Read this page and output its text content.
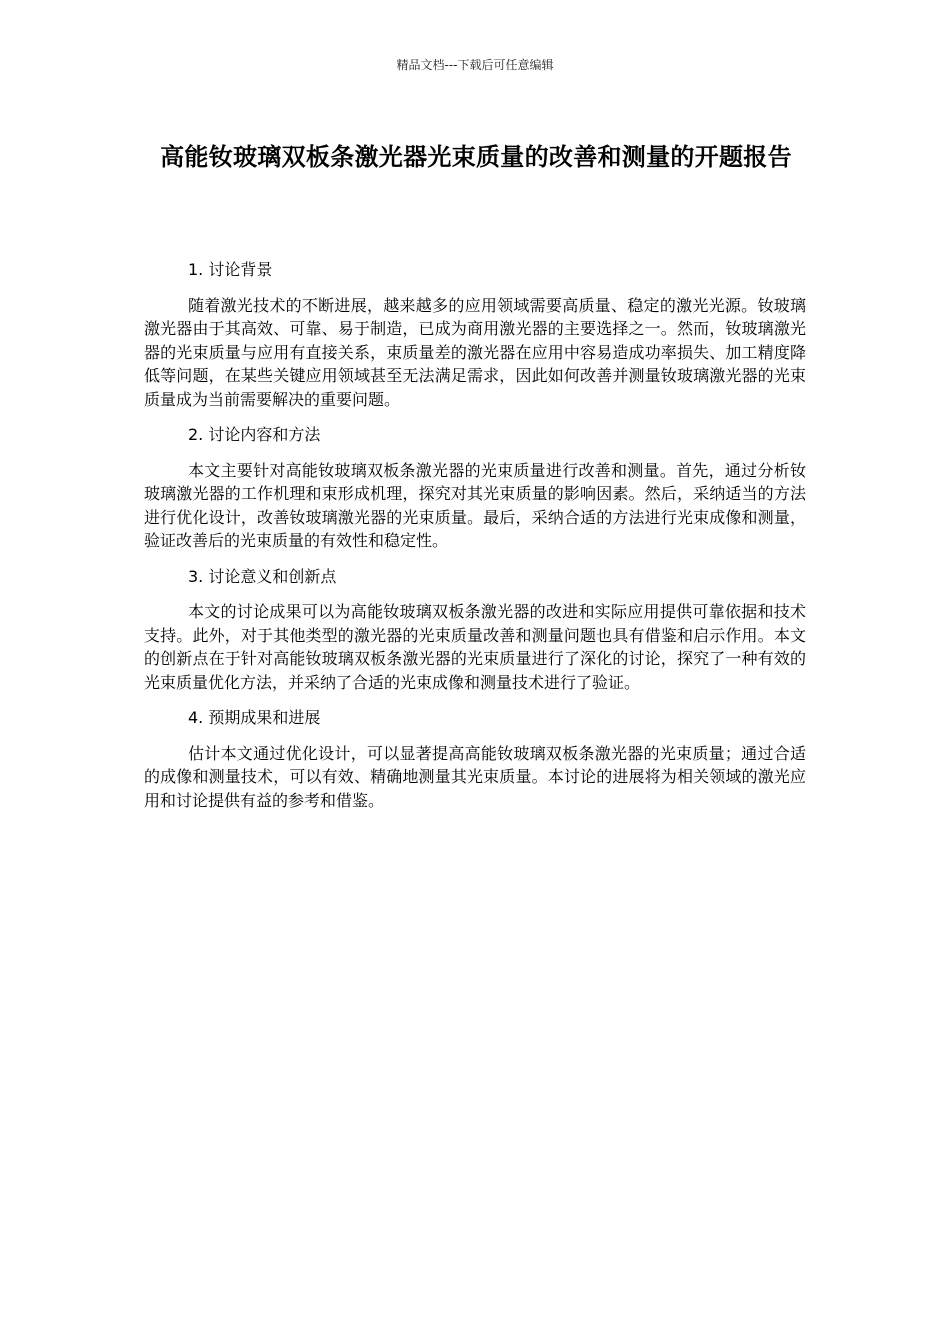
精品文档---下载后可任意编辑
高能钕玻璃双板条激光器光束质量的改善和测量的开题报告

1. 讨论背景

随着激光技术的不断进展，越来越多的应用领域需要高质量、稳定的激光光源。钕玻璃激光器由于其高效、可靠、易于制造，已成为商用激光器的主要选择之一。然而，钕玻璃激光器的光束质量与应用有直接关系，束质量差的激光器在应用中容易造成功率损失、加工精度降低等问题，在某些关键应用领域甚至无法满足需求，因此如何改善并测量钕玻璃激光器的光束质量成为当前需要解决的重要问题。

2. 讨论内容和方法

本文主要针对高能钕玻璃双板条激光器的光束质量进行改善和测量。首先，通过分析钕玻璃激光器的工作机理和束形成机理，探究对其光束质量的影响因素。然后，采纳适当的方法进行优化设计，改善钕玻璃激光器的光束质量。最后，采纳合适的方法进行光束成像和测量，验证改善后的光束质量的有效性和稳定性。

3. 讨论意义和创新点

本文的讨论成果可以为高能钕玻璃双板条激光器的改进和实际应用提供可靠依据和技术支持。此外，对于其他类型的激光器的光束质量改善和测量问题也具有借鉴和启示作用。本文的创新点在于针对高能钕玻璃双板条激光器的光束质量进行了深化的讨论，探究了一种有效的光束质量优化方法，并采纳了合适的光束成像和测量技术进行了验证。

4. 预期成果和进展

估计本文通过优化设计，可以显著提高高能钕玻璃双板条激光器的光束质量；通过合适的成像和测量技术，可以有效、精确地测量其光束质量。本讨论的进展将为相关领域的激光应用和讨论提供有益的参考和借鉴。
